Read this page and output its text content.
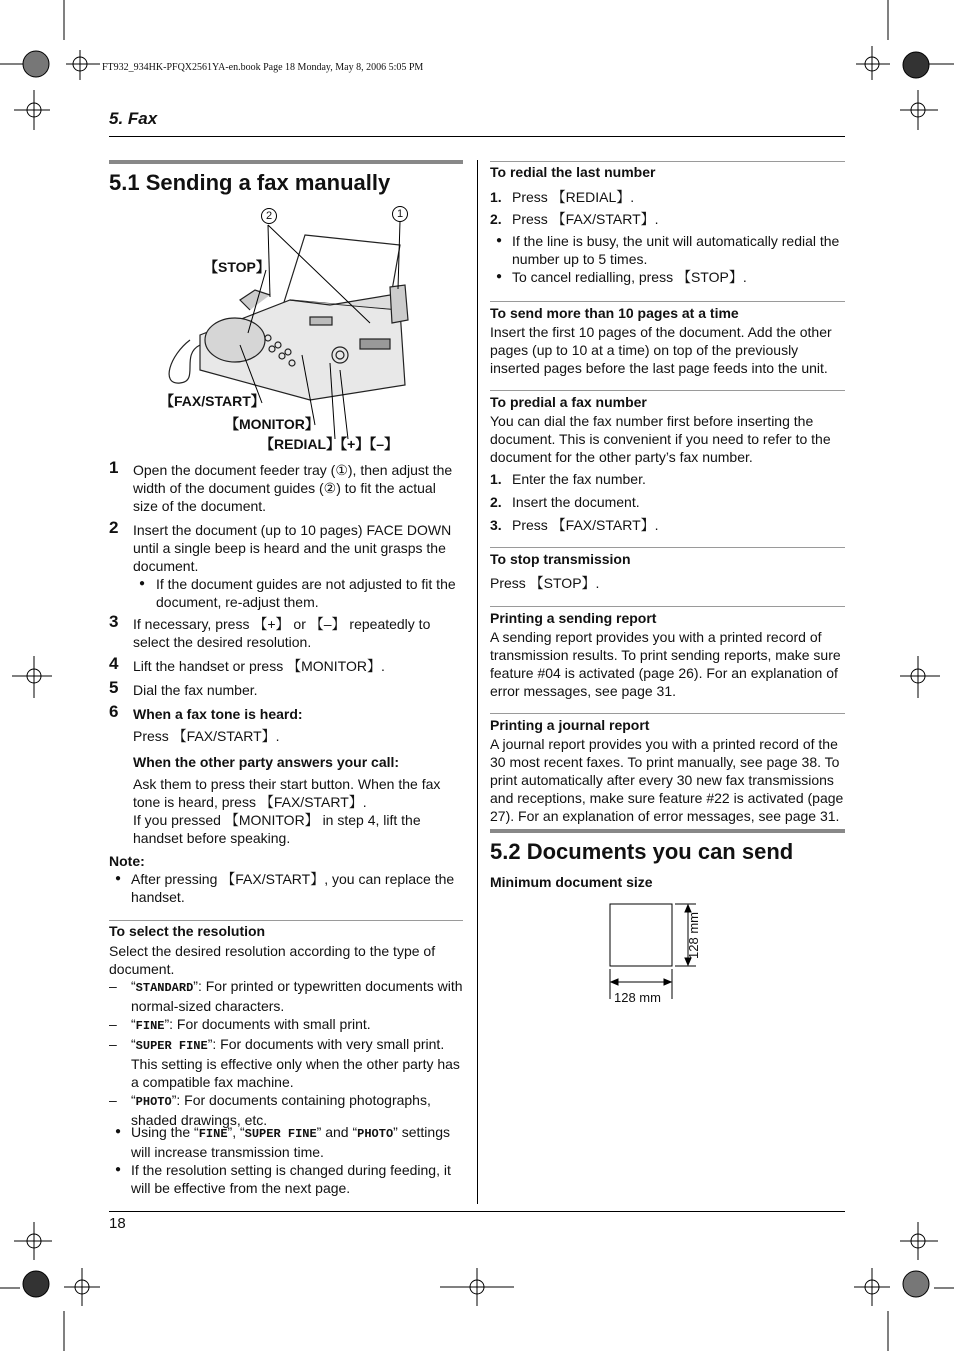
FT932_934HK-PFQX2561YA-en.book Page 18 Monday, May 8, 2006 5:05 PM
5. Fax
5.1 Sending a fax manually
2	1
【STOP】
【FAX/START】
【MONITOR】
【REDIAL】【+】【–】
1	Open the document feeder tray (①), then adjust the width of the document guides (②) to fit the actual size of the document.
2	Insert the document (up to 10 pages) FACE DOWN until a single beep is heard and the unit grasps the document.
● If the document guides are not adjusted to fit the document, re-adjust them.
3	If necessary, press 【+】 or 【–】 repeatedly to select the desired resolution.
4	Lift the handset or press 【MONITOR】.
5	Dial the fax number.
6	When a fax tone is heard:
Press 【FAX/START】.
When the other party answers your call:
Ask them to press their start button. When the fax tone is heard, press 【FAX/START】.
If you pressed 【MONITOR】 in step 4, lift the handset before speaking.
Note:
● After pressing 【FAX/START】, you can replace the handset.
To select the resolution
Select the desired resolution according to the type of document.
– “STANDARD”: For printed or typewritten documents with normal-sized characters.
– “FINE”: For documents with small print.
– “SUPER FINE”: For documents with very small print. This setting is effective only when the other party has a compatible fax machine.
– “PHOTO”: For documents containing photographs, shaded drawings, etc.
● Using the “FINE”, “SUPER FINE” and “PHOTO” settings will increase transmission time.
● If the resolution setting is changed during feeding, it will be effective from the next page.
To redial the last number
1. Press 【REDIAL】.
2. Press 【FAX/START】.
● If the line is busy, the unit will automatically redial the number up to 5 times.
● To cancel redialling, press 【STOP】.
To send more than 10 pages at a time
Insert the first 10 pages of the document. Add the other pages (up to 10 at a time) on top of the previously inserted pages before the last page feeds into the unit.
To predial a fax number
You can dial the fax number first before inserting the document. This is convenient if you need to refer to the document for the other party’s fax number.
1. Enter the fax number.
2. Insert the document.
3. Press 【FAX/START】.
To stop transmission
Press 【STOP】.
Printing a sending report
A sending report provides you with a printed record of transmission results. To print sending reports, make sure feature #04 is activated (page 26). For an explanation of error messages, see page 31.
Printing a journal report
A journal report provides you with a printed record of the 30 most recent faxes. To print manually, see page 38. To print automatically after every 30 new fax transmissions and receptions, make sure feature #22 is activated (page 27). For an explanation of error messages, see page 31.
5.2 Documents you can send
Minimum document size
128 mm
128 mm
18
